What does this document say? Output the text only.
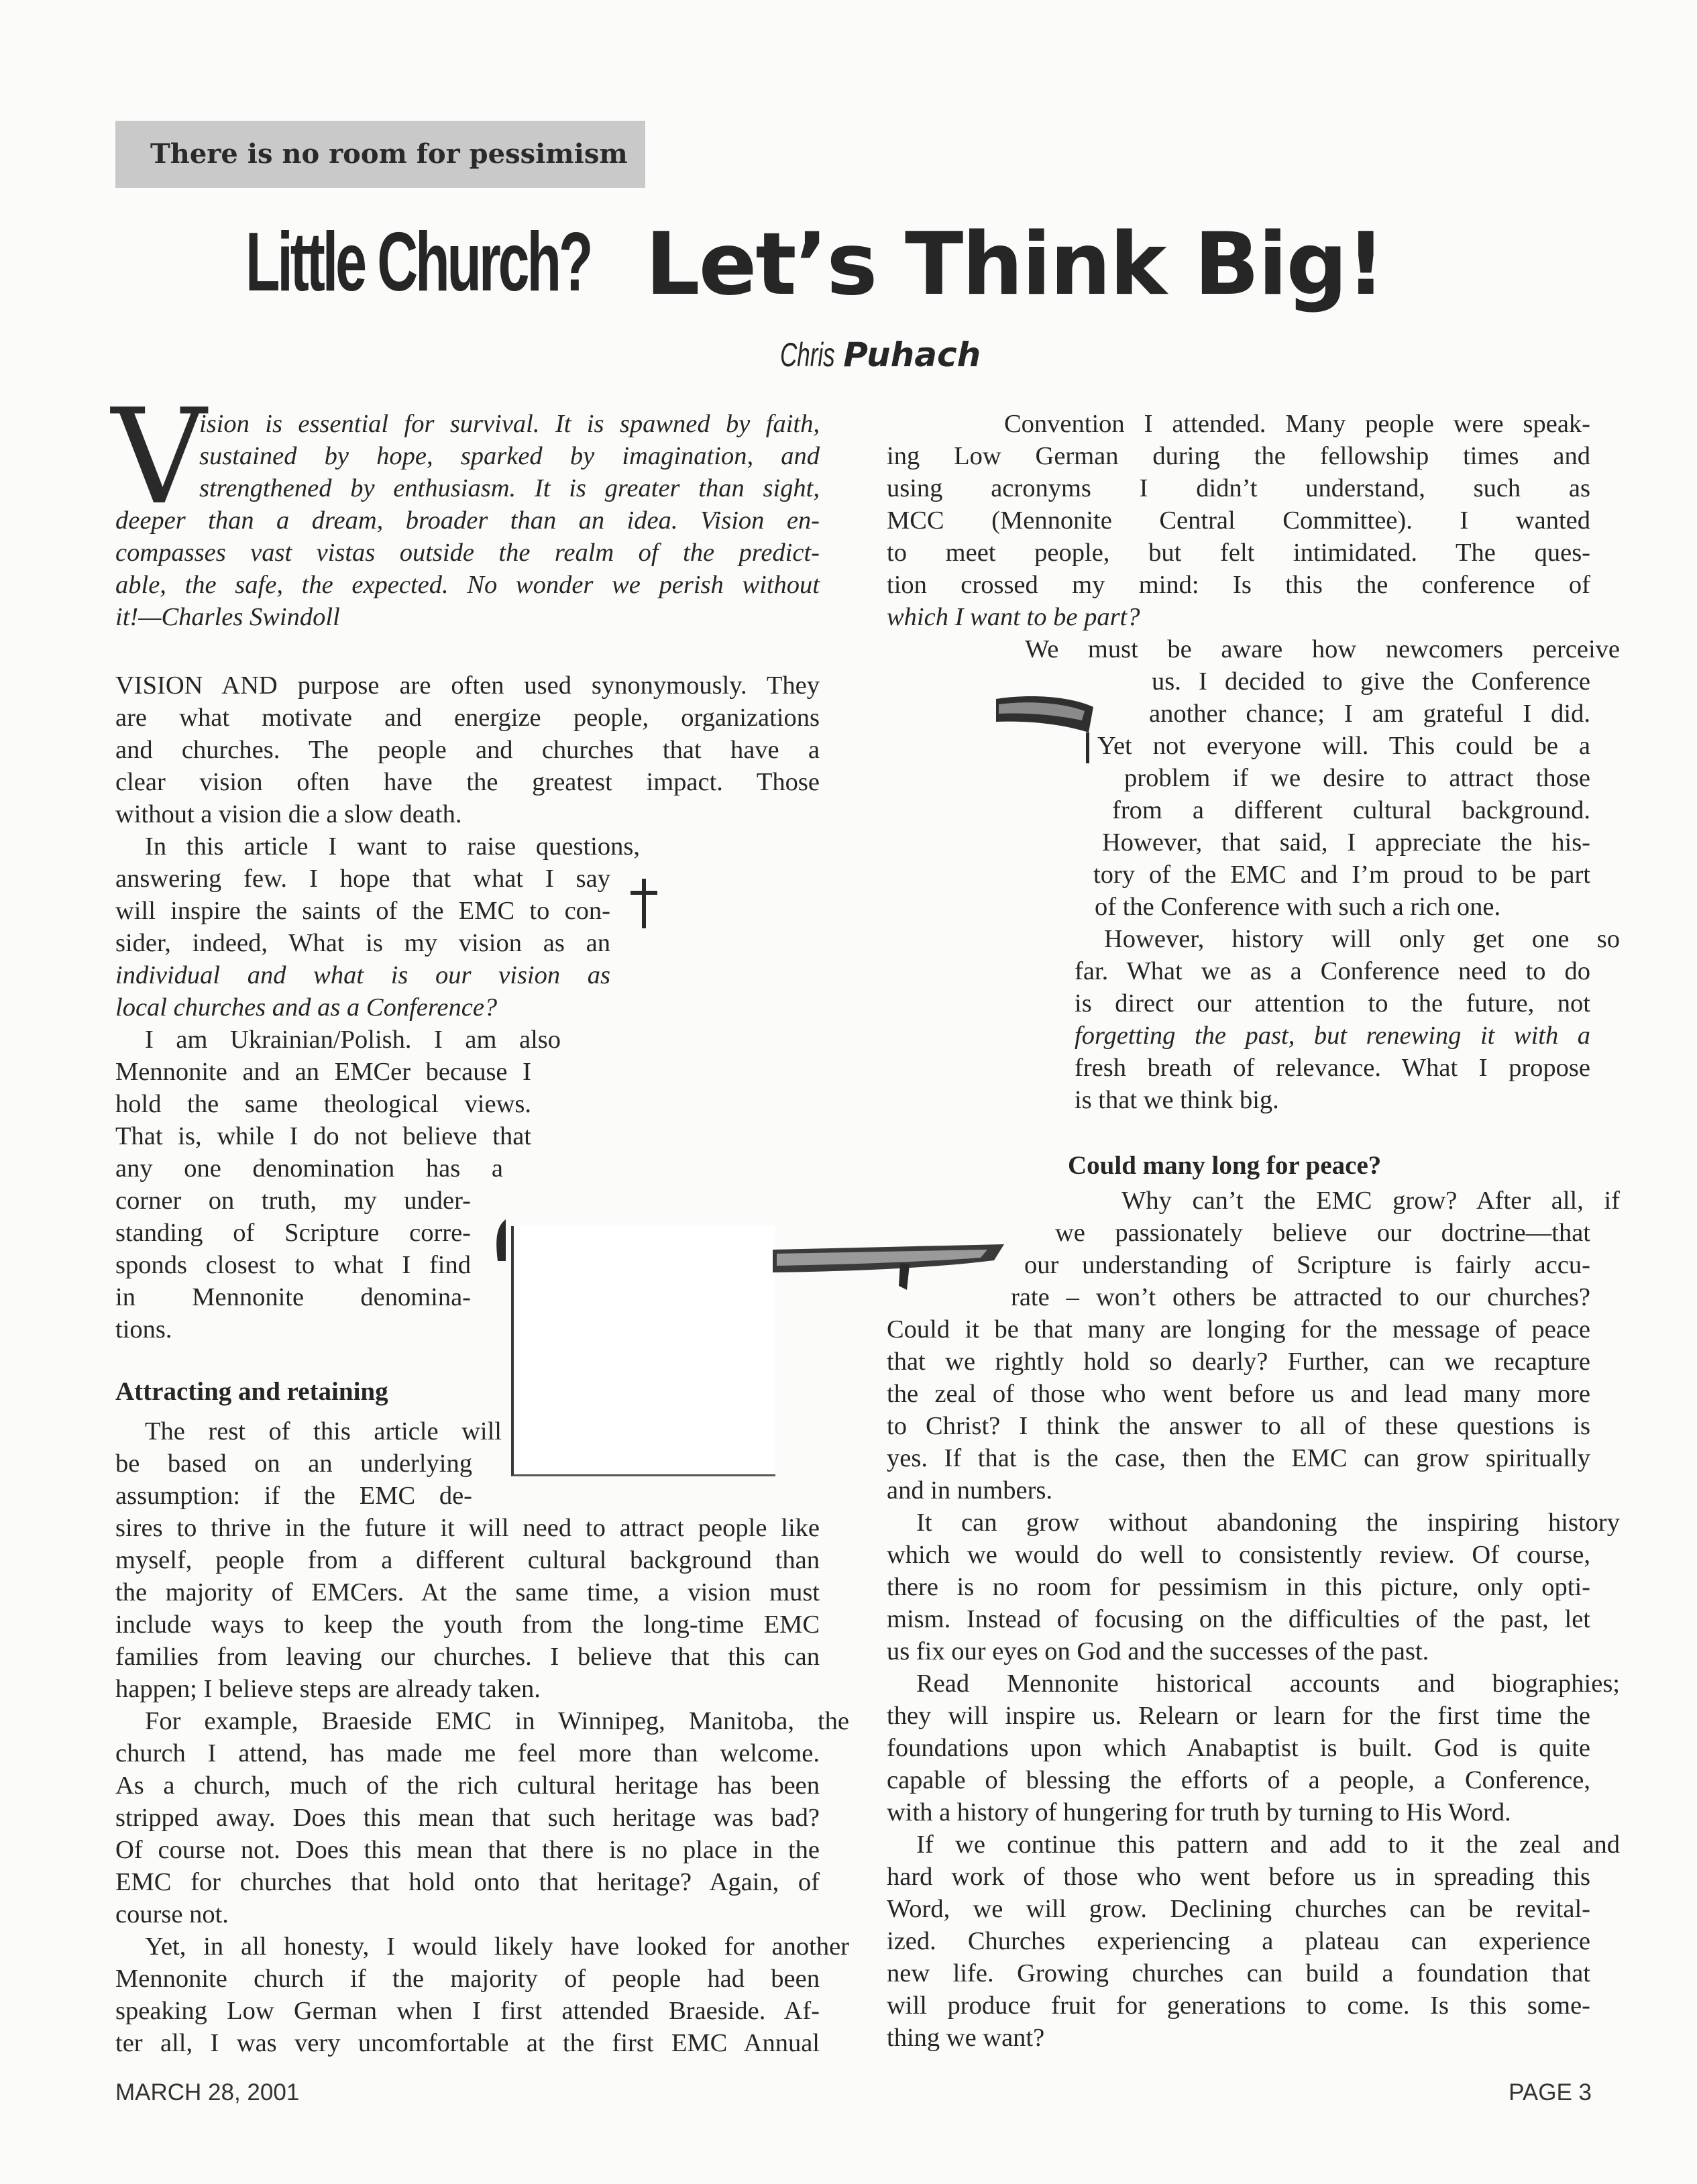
There is no room for pessimism
Little Church? Let’s Think Big!
Chris Puhach
V
ision is essential for survival. It is spawned by faith,
sustained by hope, sparked by imagination, and
strengthened by enthusiasm. It is greater than sight,
deeper than a dream, broader than an idea. Vision en-
compasses vast vistas outside the realm of the predict-
able, the safe, the expected. No wonder we perish without
it!—Charles Swindoll
VISION AND purpose are often used synonymously. They
are what motivate and energize people, organizations
and churches. The people and churches that have a
clear vision often have the greatest impact. Those
without a vision die a slow death.
In this article I want to raise questions,
answering few. I hope that what I say
will inspire the saints of the EMC to con-
sider, indeed, What is my vision as an
individual and what is our vision as
local churches and as a Conference?
I am Ukrainian/Polish. I am also
Mennonite and an EMCer because I
hold the same theological views.
That is, while I do not believe that
any one denomination has a
corner on truth, my under-
standing of Scripture corre-
sponds closest to what I find
in Mennonite denomina-
tions.
The rest of this article will
be based on an underlying
assumption: if the EMC de-
sires to thrive in the future it will need to attract people like
myself, people from a different cultural background than
the majority of EMCers. At the same time, a vision must
include ways to keep the youth from the long-time EMC
families from leaving our churches. I believe that this can
happen; I believe steps are already taken.
For example, Braeside EMC in Winnipeg, Manitoba, the
church I attend, has made me feel more than welcome.
As a church, much of the rich cultural heritage has been
stripped away. Does this mean that such heritage was bad?
Of course not. Does this mean that there is no place in the
EMC for churches that hold onto that heritage? Again, of
course not.
Yet, in all honesty, I would likely have looked for another
Mennonite church if the majority of people had been
speaking Low German when I first attended Braeside. Af-
ter all, I was very uncomfortable at the first EMC Annual
Convention I attended. Many people were speak-
ing Low German during the fellowship times and
using acronyms I didn’t understand, such as
MCC (Mennonite Central Committee). I wanted
to meet people, but felt intimidated. The ques-
tion crossed my mind: Is this the conference of
which I want to be part?
We must be aware how newcomers perceive
us. I decided to give the Conference
another chance; I am grateful I did.
Yet not everyone will. This could be a
problem if we desire to attract those
from a different cultural background.
However, that said, I appreciate the his-
tory of the EMC and I’m proud to be part
of the Conference with such a rich one.
However, history will only get one so
far. What we as a Conference need to do
is direct our attention to the future, not
forgetting the past, but renewing it with a
fresh breath of relevance. What I propose
is that we think big.
Why can’t the EMC grow? After all, if
we passionately believe our doctrine—that
our understanding of Scripture is fairly accu-
rate – won’t others be attracted to our churches?
Could it be that many are longing for the message of peace
that we rightly hold so dearly? Further, can we recapture
the zeal of those who went before us and lead many more
to Christ? I think the answer to all of these questions is
yes. If that is the case, then the EMC can grow spiritually
and in numbers.
It can grow without abandoning the inspiring history
which we would do well to consistently review. Of course,
there is no room for pessimism in this picture, only opti-
mism. Instead of focusing on the difficulties of the past, let
us fix our eyes on God and the successes of the past.
Read Mennonite historical accounts and biographies;
they will inspire us. Relearn or learn for the first time the
foundations upon which Anabaptist is built. God is quite
capable of blessing the efforts of a people, a Conference,
with a history of hungering for truth by turning to His Word.
If we continue this pattern and add to it the zeal and
hard work of those who went before us in spreading this
Word, we will grow. Declining churches can be revital-
ized. Churches experiencing a plateau can experience
new life. Growing churches can build a foundation that
will produce fruit for generations to come. Is this some-
thing we want?
Attracting and retaining
Could many long for peace?
MARCH 28, 2001	PAGE 3
